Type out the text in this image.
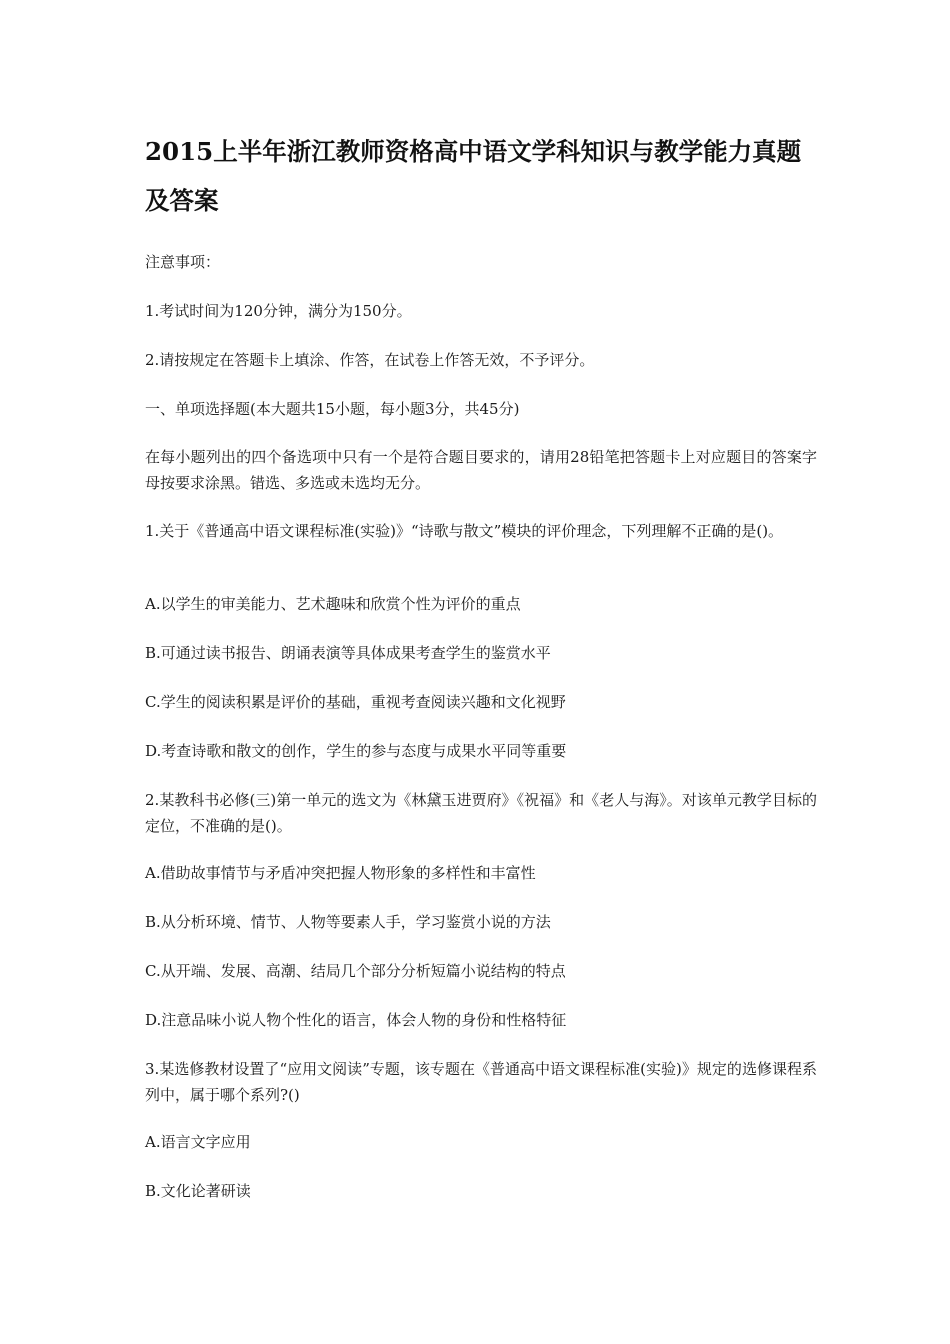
2015上半年浙江教师资格高中语文学科知识与教学能力真题及答案

注意事项：

1.考试时间为120分钟，满分为150分。

2.请按规定在答题卡上填涂、作答，在试卷上作答无效，不予评分。

一、单项选择题(本大题共15小题，每小题3分，共45分)

在每小题列出的四个备选项中只有一个是符合题目要求的，请用28铅笔把答题卡上对应题目的答案字母按要求涂黑。错选、多选或未选均无分。

1.关于《普通高中语文课程标准(实验)》“诗歌与散文”模块的评价理念，下列理解不正确的是()。

A.以学生的审美能力、艺术趣味和欣赏个性为评价的重点

B.可通过读书报告、朗诵表演等具体成果考查学生的鉴赏水平

C.学生的阅读积累是评价的基础，重视考查阅读兴趣和文化视野

D.考查诗歌和散文的创作，学生的参与态度与成果水平同等重要

2.某教科书必修(三)第一单元的选文为《林黛玉进贾府》《祝福》和《老人与海》。对该单元教学目标的定位，不准确的是()。

A.借助故事情节与矛盾冲突把握人物形象的多样性和丰富性

B.从分析环境、情节、人物等要素人手，学习鉴赏小说的方法

C.从开端、发展、高潮、结局几个部分分析短篇小说结构的特点

D.注意品味小说人物个性化的语言，体会人物的身份和性格特征

3.某选修教材设置了“应用文阅读”专题，该专题在《普通高中语文课程标准(实验)》规定的选修课程系列中，属于哪个系列?()

A.语言文字应用

B.文化论著研读
